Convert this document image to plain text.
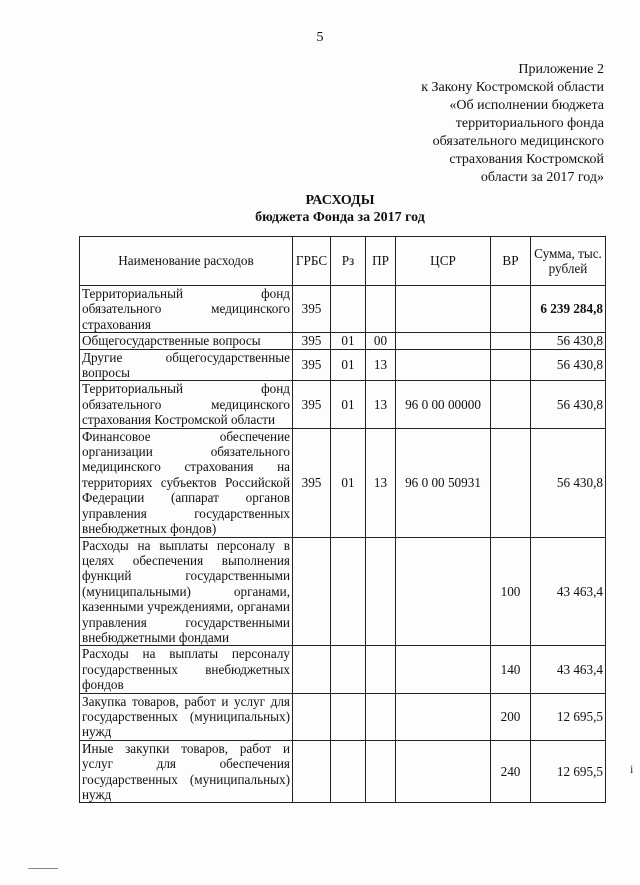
5
Приложение 2
к Закону Костромской области
«Об исполнении бюджета
территориального фонда
обязательного медицинского
страхования Костромской
области за 2017 год»
РАСХОДЫ
бюджета Фонда за 2017 год
Наименование расходов	ГРБС	Рз	ПР	ЦСР	ВР	Сумма, тыс. рублей
Территориальный фонд обязательного медицинского страхования	395					6 239 284,8
Общегосударственные вопросы	395	01	00			56 430,8
Другие общегосударственные вопросы	395	01	13			56 430,8
Территориальный фонд обязательного медицинского страхования Костромской области	395	01	13	96 0 00 00000		56 430,8
Финансовое обеспечение организации обязательного медицинского страхования на территориях субъектов Российской Федерации (аппарат органов управления государственных внебюджетных фондов)	395	01	13	96 0 00 50931		56 430,8
Расходы на выплаты персоналу в целях обеспечения выполнения функций государственными (муниципальными) органами, казенными учреждениями, органами управления государственными внебюджетными фондами					100	43 463,4
Расходы на выплаты персоналу государственных внебюджетных фондов					140	43 463,4
Закупка товаров, работ и услуг для государственных (муниципальных) нужд					200	12 695,5
Иные закупки товаров, работ и услуг для обеспечения государственных (муниципальных) нужд					240	12 695,5 i
